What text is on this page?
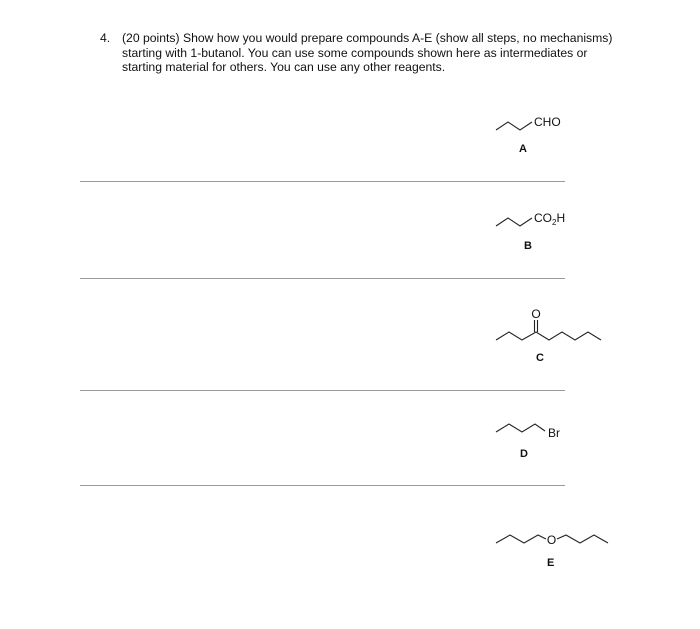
4. (20 points) Show how you would prepare compounds A-E (show all steps, no mechanisms) starting with 1-butanol. You can use some compounds shown here as intermediates or starting material for others. You can use any other reagents.
CHO
A
$CO_2H$
B
O
C
Br
D
O
E
